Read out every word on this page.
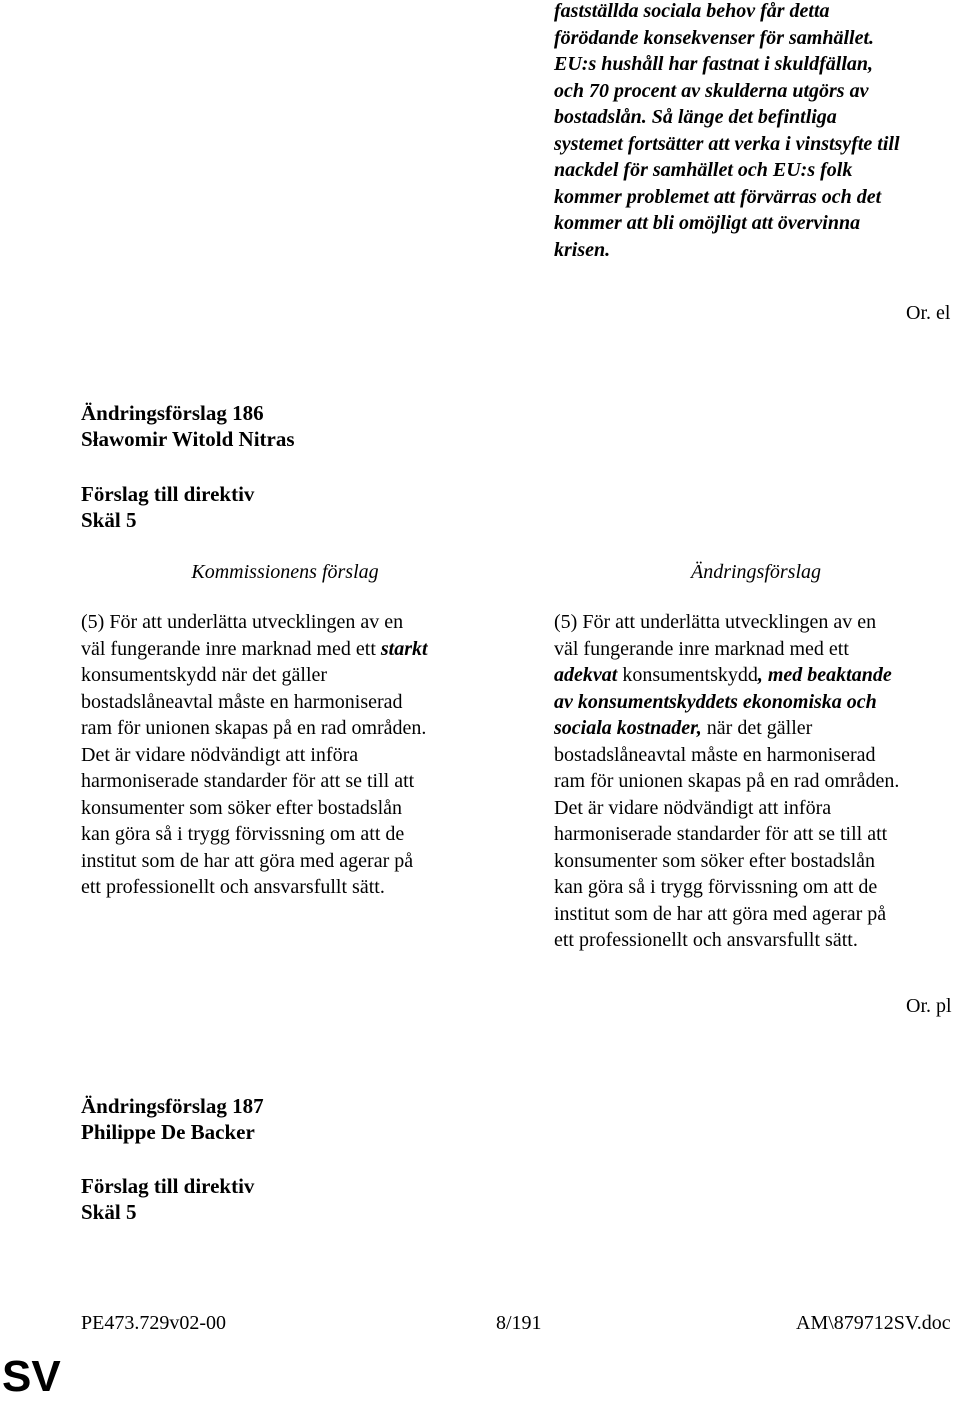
fastställda sociala behov får detta
förödande konsekvenser för samhället.
EU:s hushåll har fastnat i skuldfällan,
och 70 procent av skulderna utgörs av
bostadslån. Så länge det befintliga
systemet fortsätter att verka i vinstsyfte till
nackdel för samhället och EU:s folk
kommer problemet att förvärras och det
kommer att bli omöjligt att övervinna
krisen.
Or. el
Ändringsförslag 186
Sławomir Witold Nitras
Förslag till direktiv
Skäl 5
Kommissionens förslag	Ändringsförslag
(5) För att underlätta utvecklingen av en
väl fungerande inre marknad med ett starkt
konsumentskydd när det gäller
bostadslåneavtal måste en harmoniserad
ram för unionen skapas på en rad områden.
Det är vidare nödvändigt att införa
harmoniserade standarder för att se till att
konsumenter som söker efter bostadslån
kan göra så i trygg förvissning om att de
institut som de har att göra med agerar på
ett professionellt och ansvarsfullt sätt.
(5) För att underlätta utvecklingen av en
väl fungerande inre marknad med ett
adekvat konsumentskydd, med beaktande
av konsumentskyddets ekonomiska och
sociala kostnader, när det gäller
bostadslåneavtal måste en harmoniserad
ram för unionen skapas på en rad områden.
Det är vidare nödvändigt att införa
harmoniserade standarder för att se till att
konsumenter som söker efter bostadslån
kan göra så i trygg förvissning om att de
institut som de har att göra med agerar på
ett professionellt och ansvarsfullt sätt.
Or. pl
Ändringsförslag 187
Philippe De Backer
Förslag till direktiv
Skäl 5
PE473.729v02-00	8/191	AM\879712SV.doc
SV
